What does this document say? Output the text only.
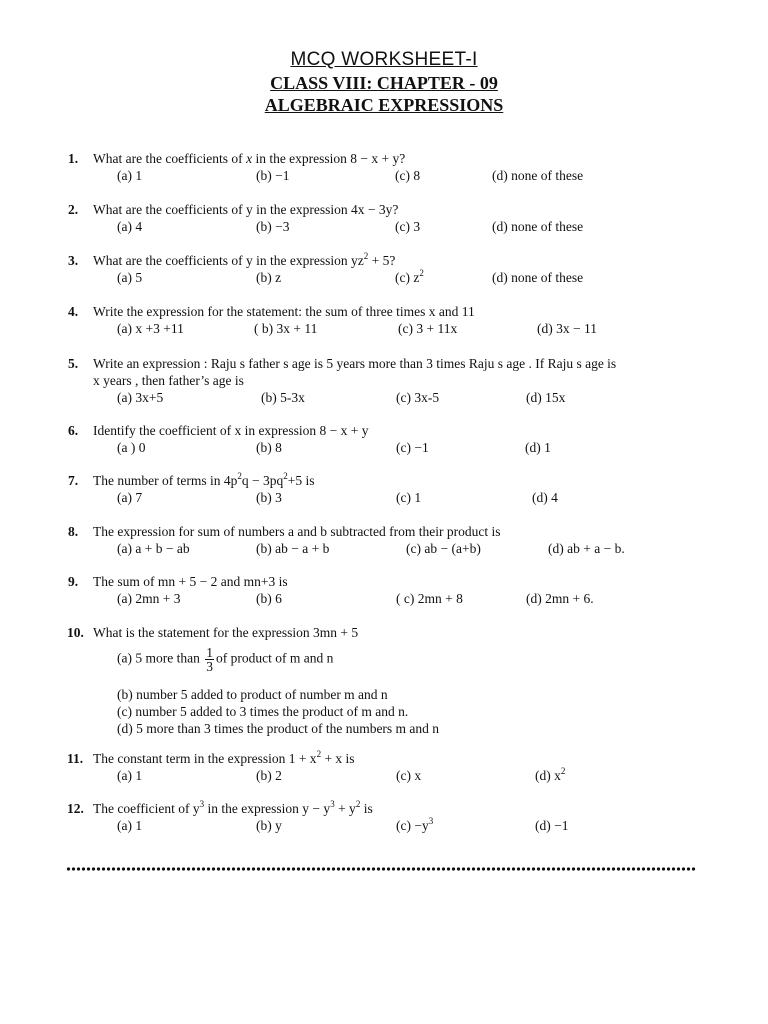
MCQ WORKSHEET-I
CLASS VIII: CHAPTER - 09
ALGEBRAIC EXPRESSIONS
1. What are the coefficients of x in the expression 8 − x + y?
(a) 1	(b) −1	(c) 8	(d) none of these
2. What are the coefficients of y in the expression 4x − 3y?
(a) 4	(b) −3	(c) 3	(d) none of these
3. What are the coefficients of y in the expression $yz^2 + 5$?
(a) 5	(b) z	(c) $z^2$	(d) none of these
4. Write the expression for the statement: the sum of three times x and 11
(a) x +3 +11	( b) 3x + 11	(c) 3 + 11x	(d) 3x − 11
5. Write an expression : Raju s father s age is 5 years more than 3 times Raju s age . If Raju s age is
x years , then father’s age is
(a) 3x+5	(b) 5-3x	(c) 3x-5	(d) 15x
6. Identify the coefficient of x in expression 8 − x + y
(a ) 0	(b) 8	(c) −1	(d) 1
7. The number of terms in $4p^2q - 3pq^2+5$ is
(a) 7	(b) 3	(c) 1	(d) 4
8. The expression for sum of numbers a and b subtracted from their product is
(a) a + b − ab	(b) ab − a + b	(c) ab − (a+b)	(d) ab + a − b.
9. The sum of mn + 5 − 2 and mn+3 is
(a) 2mn + 3	(b) 6	( c) 2mn + 8	(d) 2mn + 6.
10. What is the statement for the expression 3mn + 5
(a) 5 more than $\frac{1}{3}$ of product of m and n
(b) number 5 added to product of number m and n
(c) number 5 added to 3 times the product of m and n.
(d) 5 more than 3 times the product of the numbers m and n
11. The constant term in the expression $1 + x^2 + x$ is
(a) 1	(b) 2	(c) x	(d) $x^2$
12. The coefficient of $y^3$ in the expression $y - y^3 + y^2$ is
(a) 1	(b) y	$(c) -y^3$	(d) −1
